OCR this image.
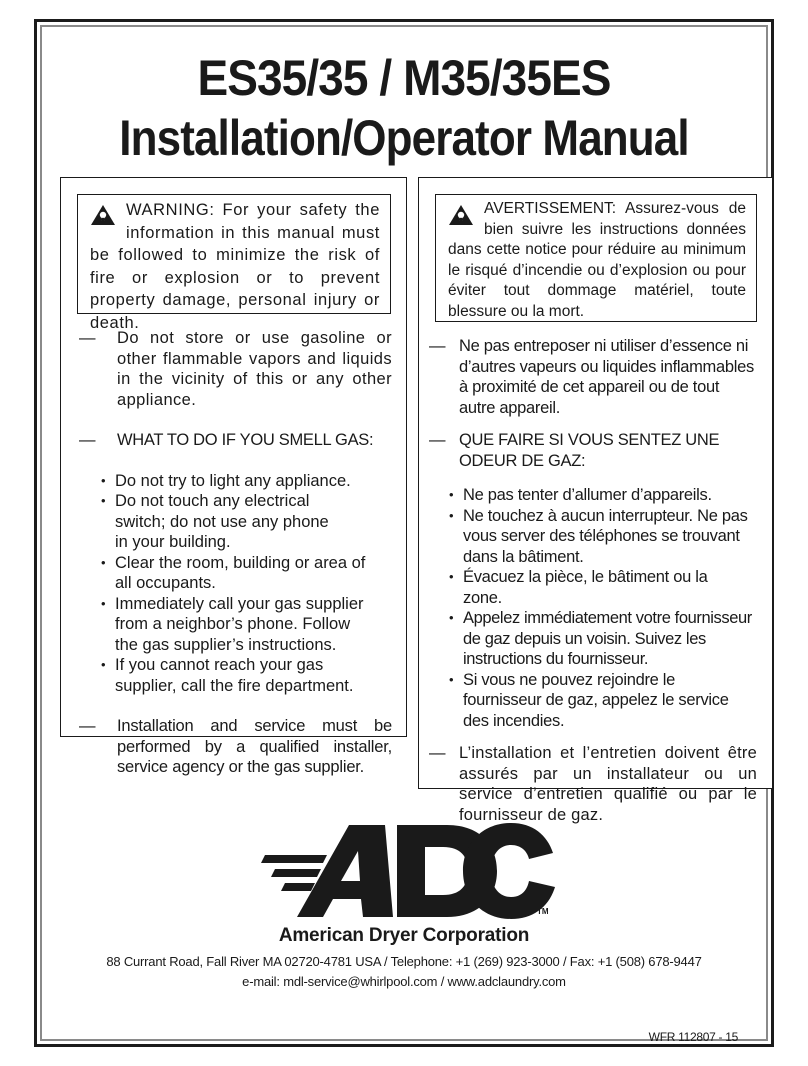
ES35/35 / M35/35ES
Installation/Operator Manual
WARNING: For your safety the information in this manual must be followed to minimize the risk of fire or explosion or to prevent property damage, personal injury or death.
—	Do not store or use gasoline or other flammable vapors and liquids in the vicinity of this or any other appliance.
—	WHAT TO DO IF YOU SMELL GAS:
• Do not try to light any appliance.
• Do not touch any electrical switch; do not use any phone in your building.
• Clear the room, building or area of all occupants.
• Immediately call your gas supplier from a neighbor’s phone. Follow the gas supplier’s instructions.
• If you cannot reach your gas supplier, call the fire department.
—	Installation and service must be performed by a qualified installer, service agency or the gas supplier.
AVERTISSEMENT: Assurez-vous de bien suivre les instructions données dans cette notice pour réduire au minimum le risqué d’incendie ou d’explosion ou pour éviter tout dommage matériel, toute blessure ou la mort.
— Ne pas entreposer ni utiliser d’essence ni d’autres vapeurs ou liquides inflammables à proximité de cet appareil ou de tout autre appareil.
— QUE FAIRE SI VOUS SENTEZ UNE ODEUR DE GAZ:
• Ne pas tenter d’allumer d’appareils.
• Ne touchez à aucun interrupteur. Ne pas vous server des téléphones se trouvant dans la bâtiment.
• Évacuez la pièce, le bâtiment ou la zone.
• Appelez immédiatement votre fournisseur de gaz depuis un voisin. Suivez les instructions du fournisseur.
• Si vous ne pouvez rejoindre le fournisseur de gaz, appelez le service des incendies.
— L’installation et l’entretien doivent être assurés par un installateur ou un service d’entretien qualifié ou par le fournisseur de gaz.
TM
American Dryer Corporation
88 Currant Road, Fall River MA 02720-4781 USA / Telephone: +1 (269) 923-3000 / Fax: +1 (508) 678-9447
e-mail: mdl-service@whirlpool.com / www.adclaundry.com
WFR 112807 - 15
